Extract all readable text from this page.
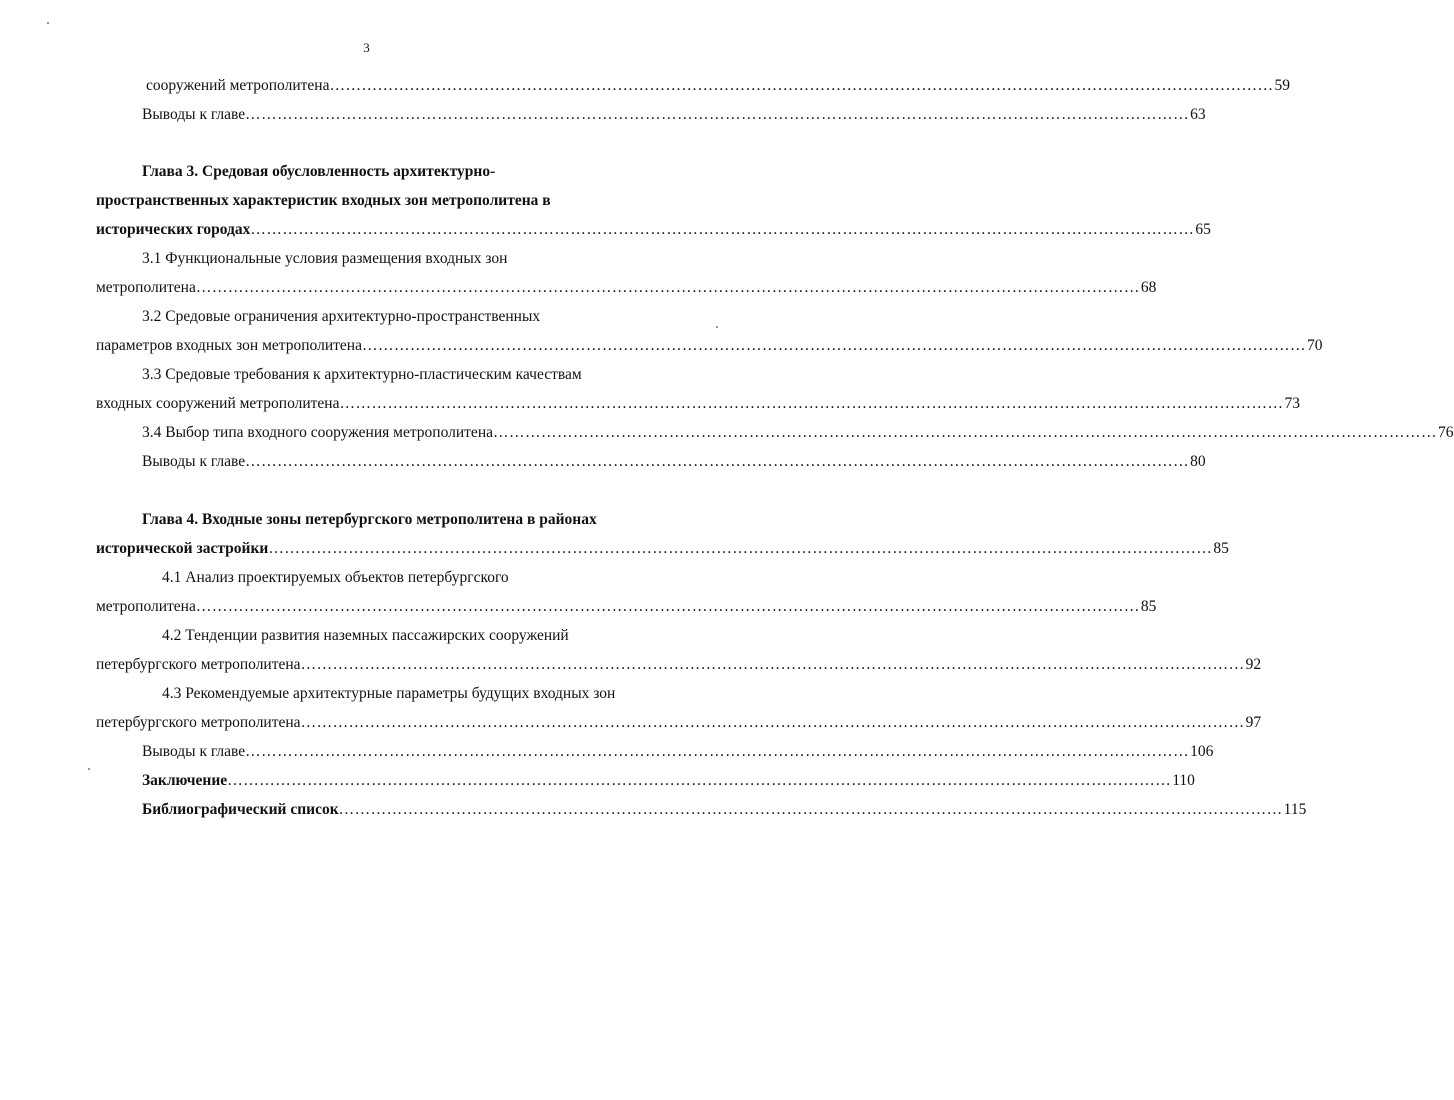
3
сооружений метрополитена …………………………………………………………………………………………………………………………………………………………… 59
Выводы к главе …………………………………………………………………………………………………………………………………………………………… 63
Глава 3. Средовая обусловленность архитектурно-
пространственных характеристик входных зон метрополитена в
исторических городах …………………………………………………………………………………………………………………………………………………………… 65
3.1 Функциональные условия размещения входных зон
метрополитена …………………………………………………………………………………………………………………………………………………………… 68
3.2 Средовые ограничения архитектурно-пространственных
параметров входных зон метрополитена …………………………………………………………………………………………………………………………………………………………… 70
3.3 Средовые требования к архитектурно-пластическим качествам
входных сооружений метрополитена …………………………………………………………………………………………………………………………………………………………… 73
3.4 Выбор типа входного сооружения метрополитена …………………………………………………………………………………………………………………………………………………………… 76
Выводы к главе …………………………………………………………………………………………………………………………………………………………… 80
Глава 4. Входные зоны петербургского метрополитена в районах
исторической застройки …………………………………………………………………………………………………………………………………………………………… 85
4.1 Анализ проектируемых объектов петербургского
метрополитена …………………………………………………………………………………………………………………………………………………………… 85
4.2 Тенденции развития наземных пассажирских сооружений
петербургского метрополитена …………………………………………………………………………………………………………………………………………………………… 92
4.3 Рекомендуемые архитектурные параметры будущих входных зон
петербургского метрополитена …………………………………………………………………………………………………………………………………………………………… 97
Выводы к главе …………………………………………………………………………………………………………………………………………………………… 106
Заключение …………………………………………………………………………………………………………………………………………………………… 110
Библиографический список …………………………………………………………………………………………………………………………………………………………… 115
